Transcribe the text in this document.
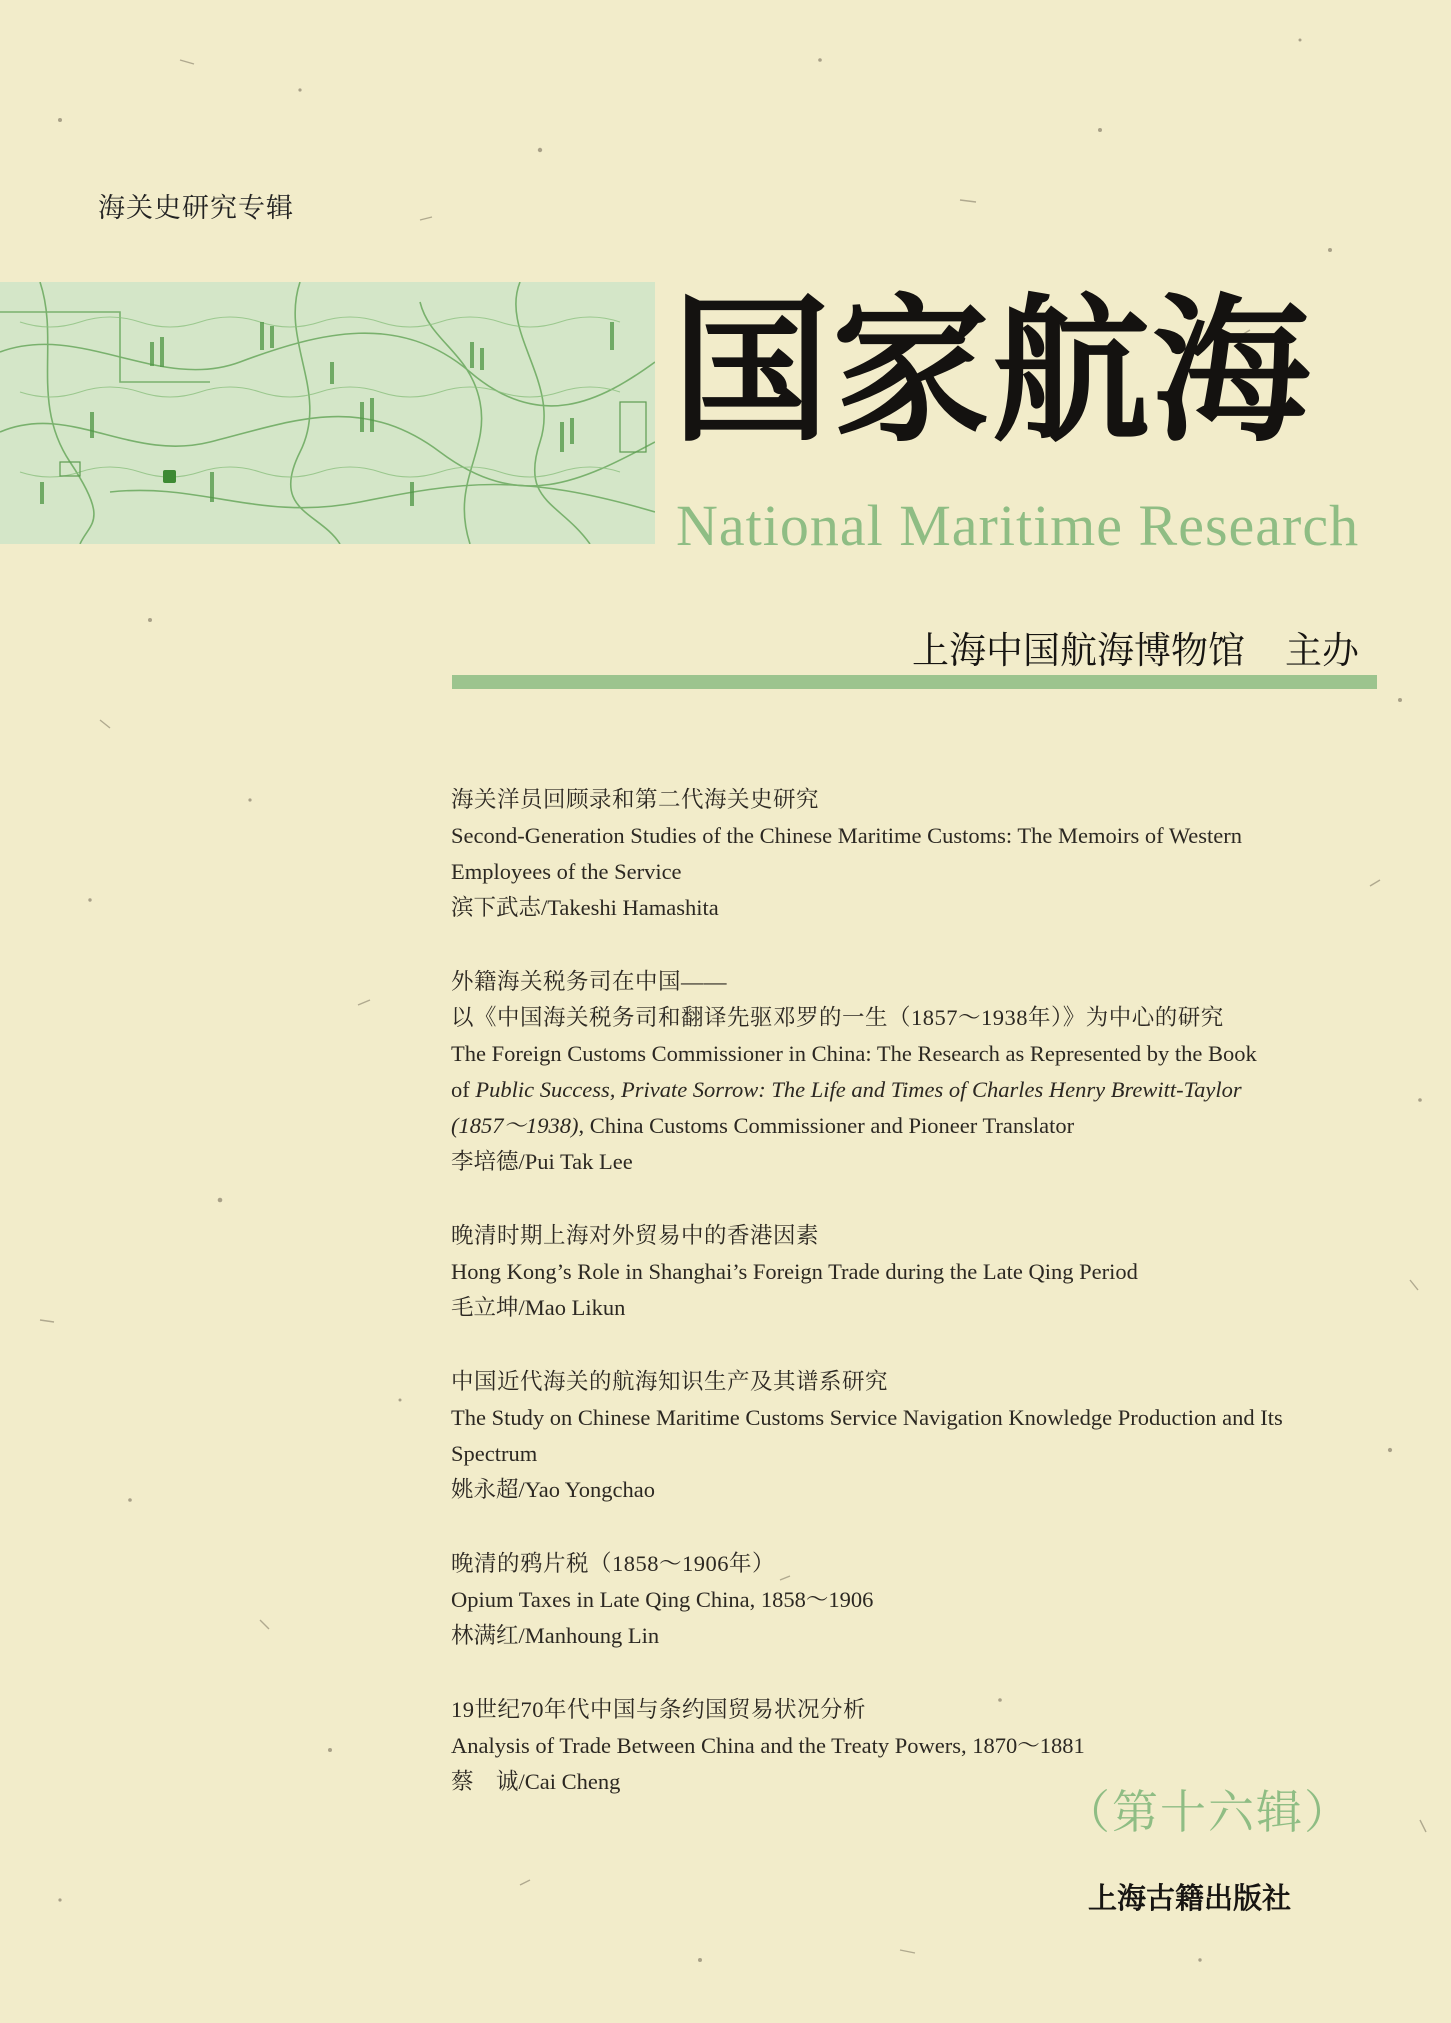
海关史研究专辑
国家航海
National Maritime Research
上海中国航海博物馆 主办
海关洋员回顾录和第二代海关史研究
Second-Generation Studies of the Chinese Maritime Customs: The Memoirs of Western
Employees of the Service
滨下武志/Takeshi Hamashita
外籍海关税务司在中国——
以《中国海关税务司和翻译先驱邓罗的一生（1857～1938年）》为中心的研究
The Foreign Customs Commissioner in China: The Research as Represented by the Book
of Public Success, Private Sorrow: The Life and Times of Charles Henry Brewitt-Taylor
(1857～1938), China Customs Commissioner and Pioneer Translator
李培德/Pui Tak Lee
晚清时期上海对外贸易中的香港因素
Hong Kong’s Role in Shanghai’s Foreign Trade during the Late Qing Period
毛立坤/Mao Likun
中国近代海关的航海知识生产及其谱系研究
The Study on Chinese Maritime Customs Service Navigation Knowledge Production and Its
Spectrum
姚永超/Yao Yongchao
晚清的鸦片税（1858～1906年）
Opium Taxes in Late Qing China, 1858～1906
林满红/Manhoung Lin
19世纪70年代中国与条约国贸易状况分析
Analysis of Trade Between China and the Treaty Powers, 1870～1881
蔡　诚/Cai Cheng
（第十六辑）
上海古籍出版社
